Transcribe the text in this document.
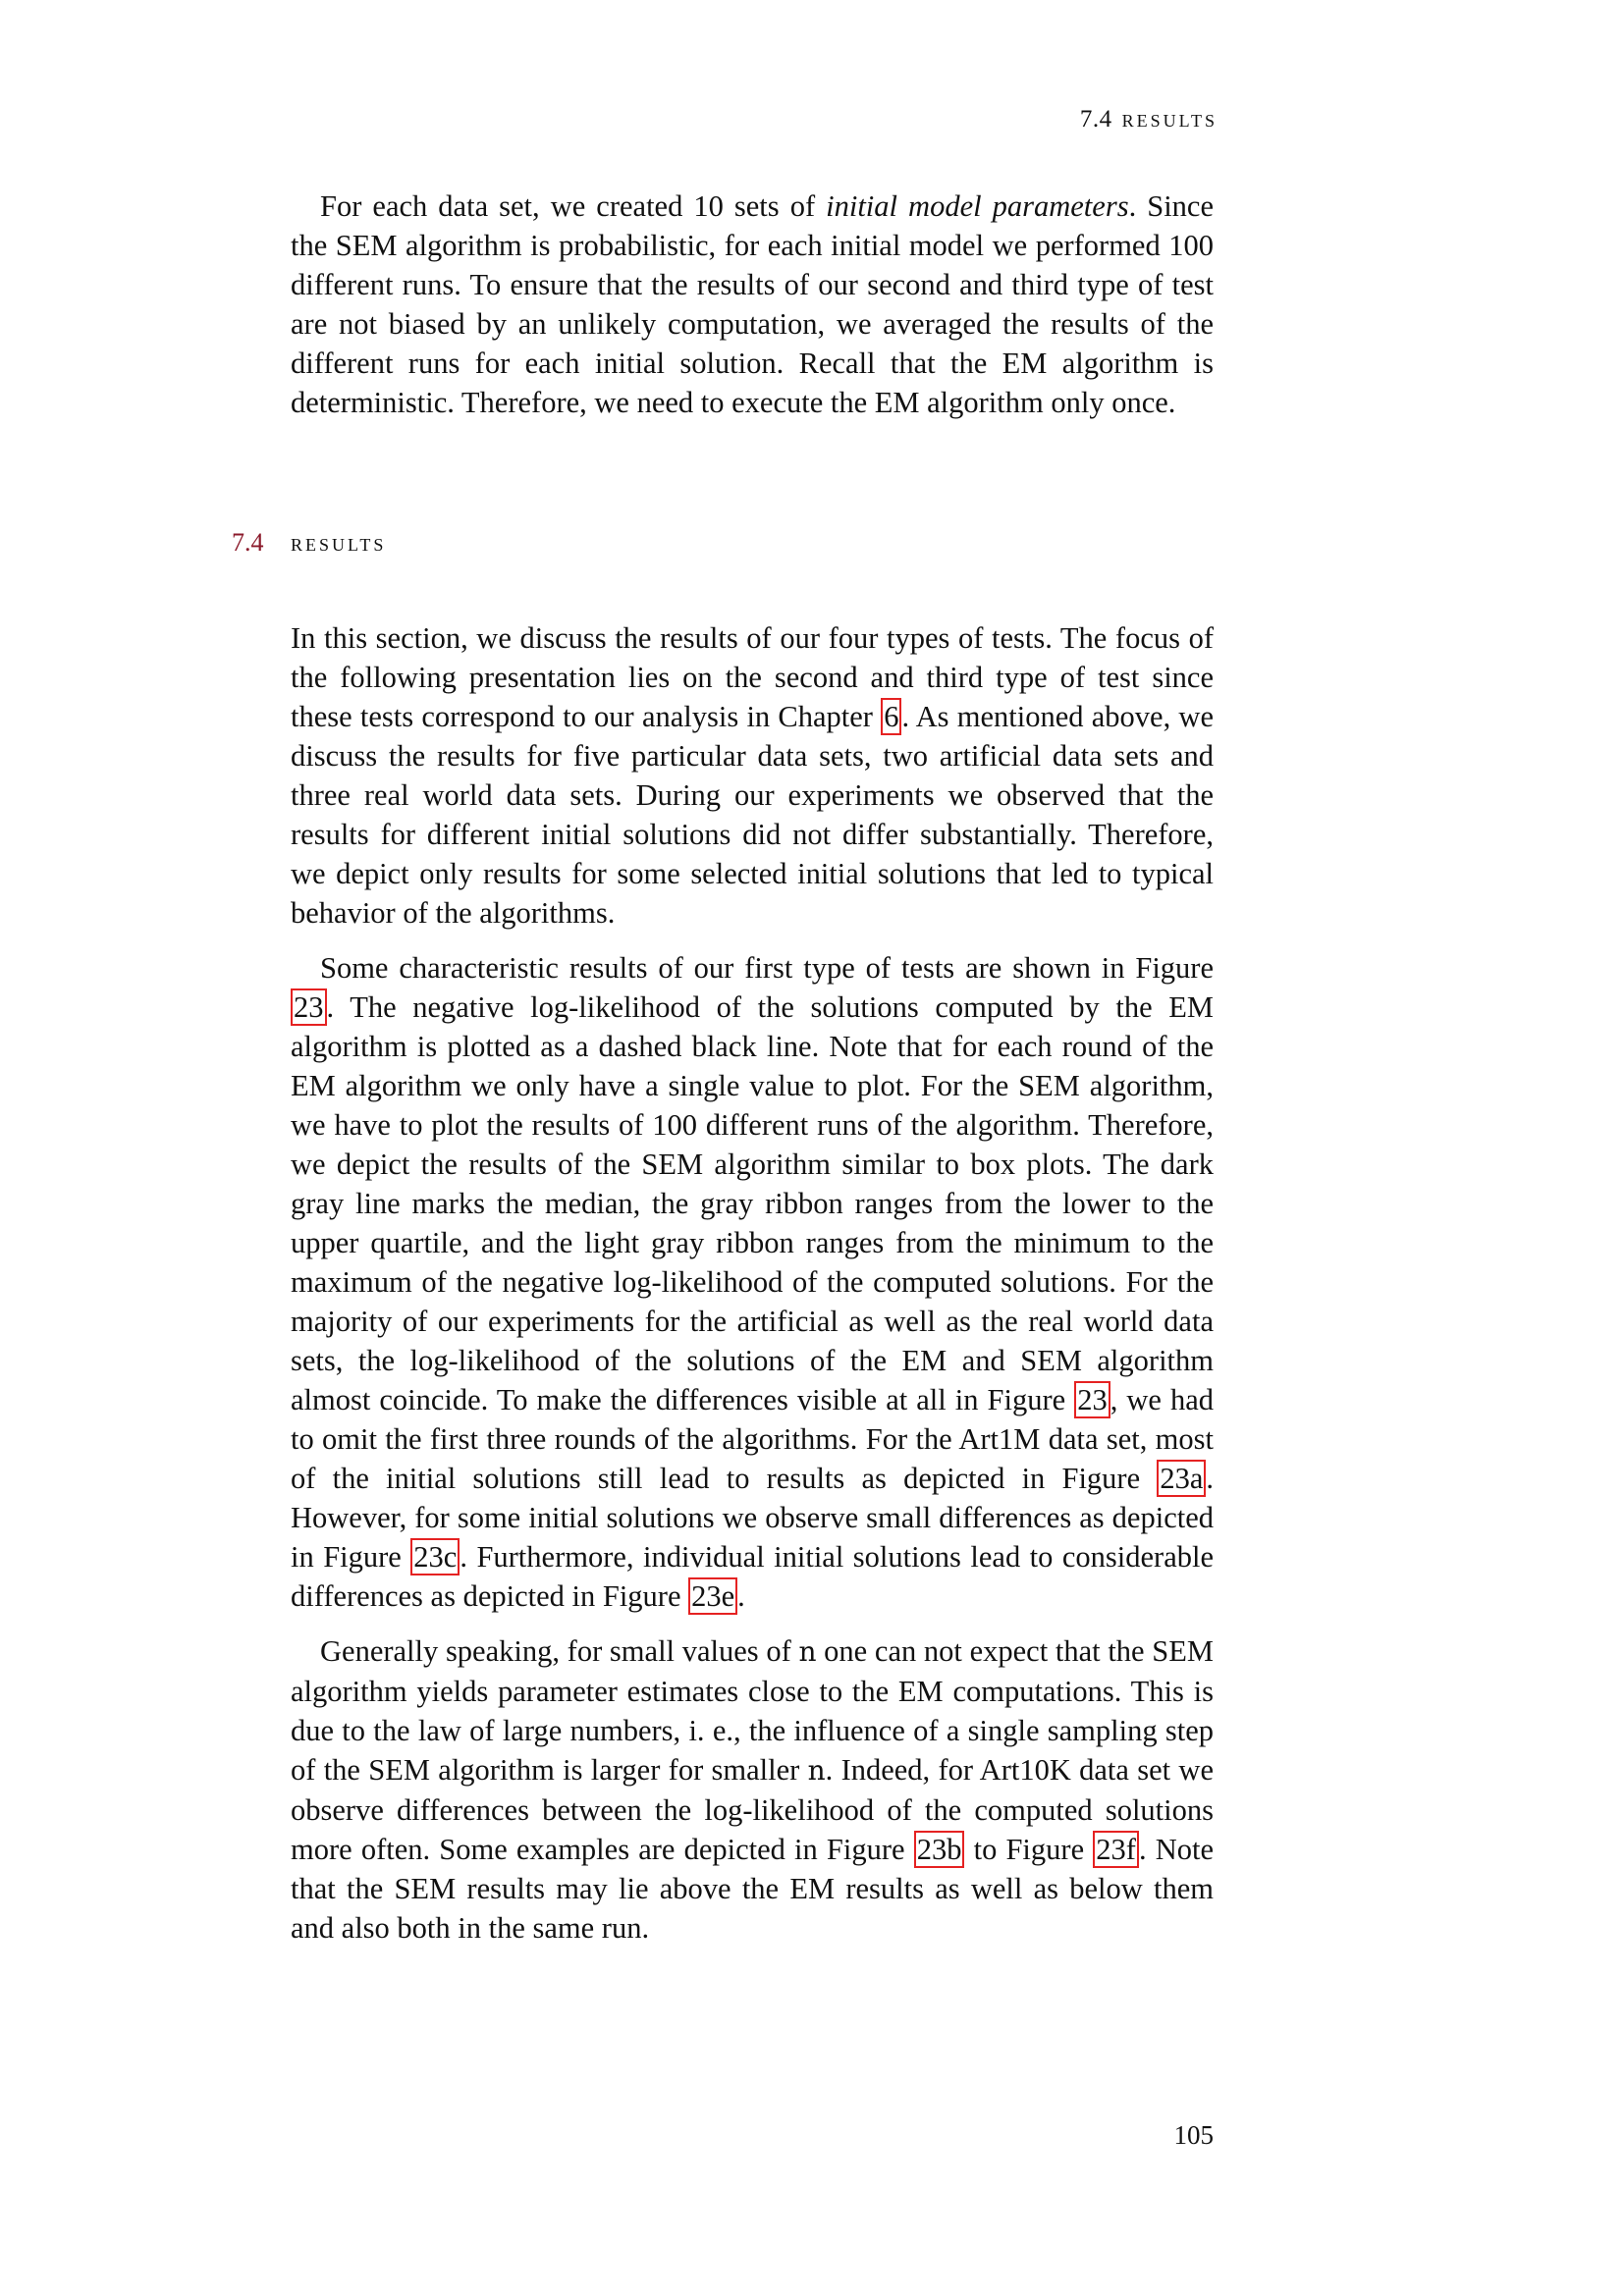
7.4 results

For each data set, we created 10 sets of initial model parameters. Since the SEM algorithm is probabilistic, for each initial model we performed 100 different runs. To ensure that the results of our second and third type of test are not biased by an unlikely computation, we averaged the results of the different runs for each initial solution. Recall that the EM algorithm is deterministic. Therefore, we need to execute the EM algorithm only once.

7.4 results

In this section, we discuss the results of our four types of tests. The focus of the following presentation lies on the second and third type of test since these tests correspond to our analysis in Chapter 6. As mentioned above, we discuss the results for five particular data sets, two artificial data sets and three real world data sets. During our experiments we observed that the results for different initial solutions did not differ substantially. Therefore, we depict only results for some selected initial solutions that led to typical behavior of the algorithms.

Some characteristic results of our first type of tests are shown in Figure 23. The negative log-likelihood of the solutions computed by the EM algorithm is plotted as a dashed black line. Note that for each round of the EM algorithm we only have a single value to plot. For the SEM algorithm, we have to plot the results of 100 different runs of the algorithm. Therefore, we depict the results of the SEM algorithm similar to box plots. The dark gray line marks the median, the gray ribbon ranges from the lower to the upper quartile, and the light gray ribbon ranges from the minimum to the maximum of the negative log-likelihood of the computed solutions. For the majority of our experiments for the artificial as well as the real world data sets, the log-likelihood of the solutions of the EM and SEM algorithm almost coincide. To make the differences visible at all in Figure 23, we had to omit the first three rounds of the algorithms. For the Art1M data set, most of the initial solutions still lead to results as depicted in Figure 23a. However, for some initial solutions we observe small differences as depicted in Figure 23c. Furthermore, individual initial solutions lead to considerable differences as depicted in Figure 23e.

Generally speaking, for small values of n one can not expect that the SEM algorithm yields parameter estimates close to the EM computations. This is due to the law of large numbers, i. e., the influence of a single sampling step of the SEM algorithm is larger for smaller n. Indeed, for Art10K data set we observe differences between the log-likelihood of the computed solutions more often. Some examples are depicted in Figure 23b to Figure 23f. Note that the SEM results may lie above the EM results as well as below them and also both in the same run.

105
